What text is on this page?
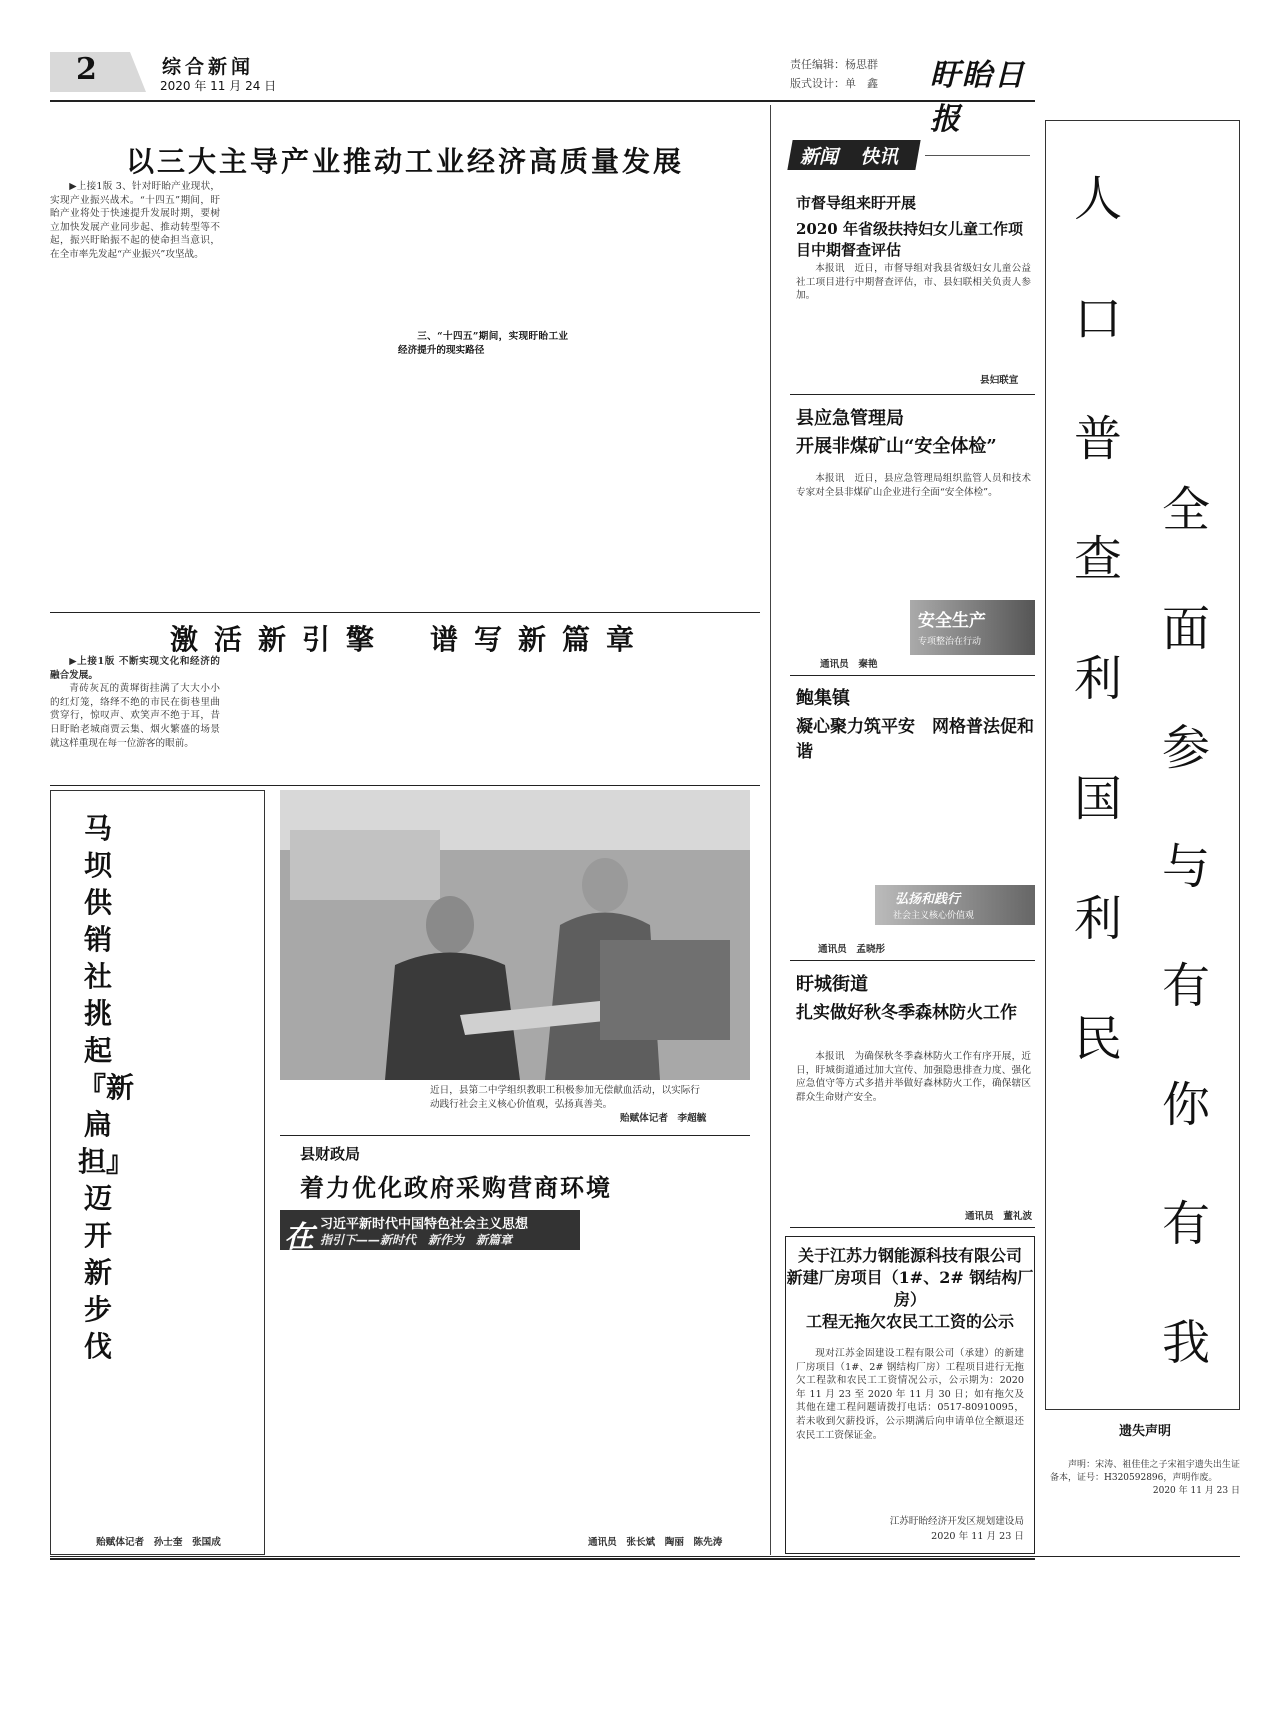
2	综合新闻
2020 年 11 月 24 日
责任编辑：杨思群
版式设计：单　鑫 盱眙日报
以三大主导产业推动工业经济高质量发展

▶上接1版 3、针对盱眙产业现状，实现产业振兴战术。“十四五”期间，盱眙产业将处于快速提升发展时期，要树立加快发展产业同步起、推动转型等不起，振兴盱眙振不起的使命担当意识，在全市率先发起“产业振兴”攻坚战。

三、“十四五”期间，实现盱眙工业经济提升的现实路径

激活新引擎 谱写新篇章

▶上接1版 不断实现文化和经济的融合发展。

青砖灰瓦的黄墀街挂满了大大小小的红灯笼，络绎不绝的市民在街巷里曲赏穿行，惊叹声、欢笑声不绝于耳，昔日盱眙老城商贾云集、烟火繁盛的场景就这样重现在每一位游客的眼前。

马坝供销社挑起『新扁担』迈开新步伐
贻赋体记者　孙士奎　张国成
近日，县第二中学组织教职工积极参加无偿献血活动，以实际行动践行社会主义核心价值观，弘扬真善美。
贻赋体记者　李超毓
县财政局
着力优化政府采购营商环境
在 习近平新时代中国特色社会主义思想
指引下——新时代　新作为　新篇章
通讯员　张长斌　陶丽　陈先涛
新闻 快讯
市督导组来盱开展
2020 年省级扶持妇女儿童工作项目中期督查评估

本报讯　近日，市督导组对我县省级妇女儿童公益社工项目进行中期督查评估，市、县妇联相关负责人参加。

县妇联宣
县应急管理局
开展非煤矿山“安全体检”

本报讯　近日，县应急管理局组织监管人员和技术专家对全县非煤矿山企业进行全面“安全体检”。

安全生产
专项整治在行动
通讯员　秦艳
鲍集镇
凝心聚力筑平安　网格普法促和谐
弘扬和践行
社会主义核心价值观
通讯员　孟晓彤
盱城街道
扎实做好秋冬季森林防火工作

本报讯　为确保秋冬季森林防火工作有序开展，近日，盱城街道通过加大宣传、加强隐患排查力度、强化应急值守等方式多措并举做好森林防火工作，确保辖区群众生命财产安全。

通讯员　董礼波
关于江苏力钢能源科技有限公司
新建厂房项目（1#、2# 钢结构厂房）
工程无拖欠农民工工资的公示
现对江苏金固建设工程有限公司（承建）的新建厂房项目（1#、2# 钢结构厂房）工程项目进行无拖欠工程款和农民工工资情况公示，公示期为：2020 年 11 月 23 至 2020 年 11 月 30 日；如有拖欠及其他在建工程问题请拨打电话：0517-80910095，若未收到欠薪投诉，公示期满后向申请单位全额退还农民工工资保证金。
江苏盱眙经济开发区规划建设局
2020 年 11 月 23 日
人口普查利国利民
全面参与有你有我
遗失声明
声明：宋涛、祖佳佳之子宋祖宇遗失出生证备本，证号：H320592896，声明作废。
2020 年 11 月 23 日
